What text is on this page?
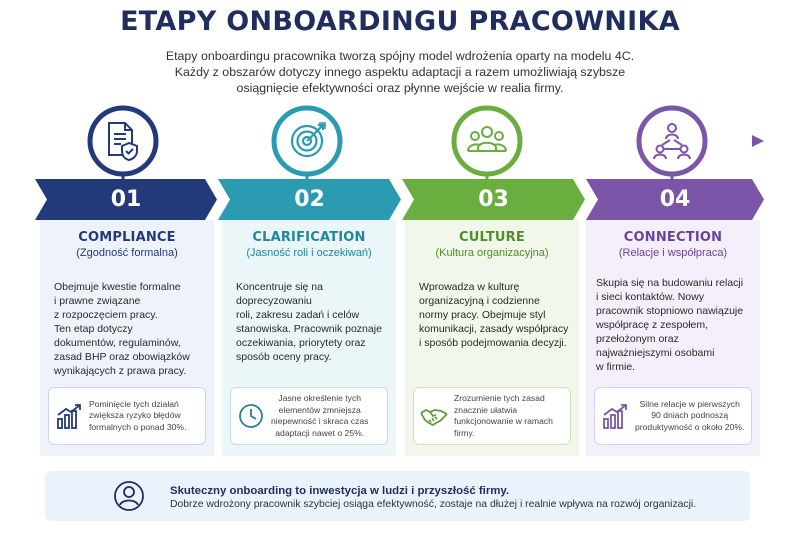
ETAPY ONBOARDINGU PRACOWNIKA
Etapy onboardingu pracownika tworzą spójny model wdrożenia oparty na modelu 4C.
Każdy z obszarów dotyczy innego aspektu adaptacji a razem umożliwiają szybsze
osiągnięcie efektywności oraz płynne wejście w realia firmy.
01	02	03	04
COMPLIANCE
(Zgodność formalna)
Obejmuje kwestie formalne
i prawne związane
z rozpoczęciem pracy.
Ten etap dotyczy
dokumentów, regulaminów,
zasad BHP oraz obowiązków
wynikających z prawa pracy.
Pominięcie tych działań
zwiększa ryzyko błędów
formalnych o ponad 30%.
CLARIFICATION
(Jasność roli i oczekiwań)
Koncentruje się na doprecyzowaniu
roli, zakresu zadań i celów
stanowiska. Pracownik poznaje
oczekiwania, priorytety oraz
sposób oceny pracy.
Jasne określenie tych
elementów zmniejsza
niepewność i skraca czas
adaptacji nawet o 25%.
CULTURE
(Kultura organizacyjna)
Wprowadza w kulturę
organizacyjną i codzienne
normy pracy. Obejmuje styl
komunikacji, zasady współpracy
i sposób podejmowania decyzji.
Zrozumienie tych zasad
znacznie ułatwia
funkcjonowanie w ramach
firmy.
CONNECTION
(Relacje i współpraca)
Skupia się na budowaniu relacji
i sieci kontaktów. Nowy
pracownik stopniowo nawiązuje
współpracę z zespołem,
przełożonym oraz
najważniejszymi osobami
w firmie.
Silne relacje w pierwszych
90 dniach podnoszą
produktywność o około 20%.
Skuteczny onboarding to inwestycja w ludzi i przyszłość firmy.
Dobrze wdrożony pracownik szybciej osiąga efektywność, zostaje na dłużej i realnie wpływa na rozwój organizacji.
